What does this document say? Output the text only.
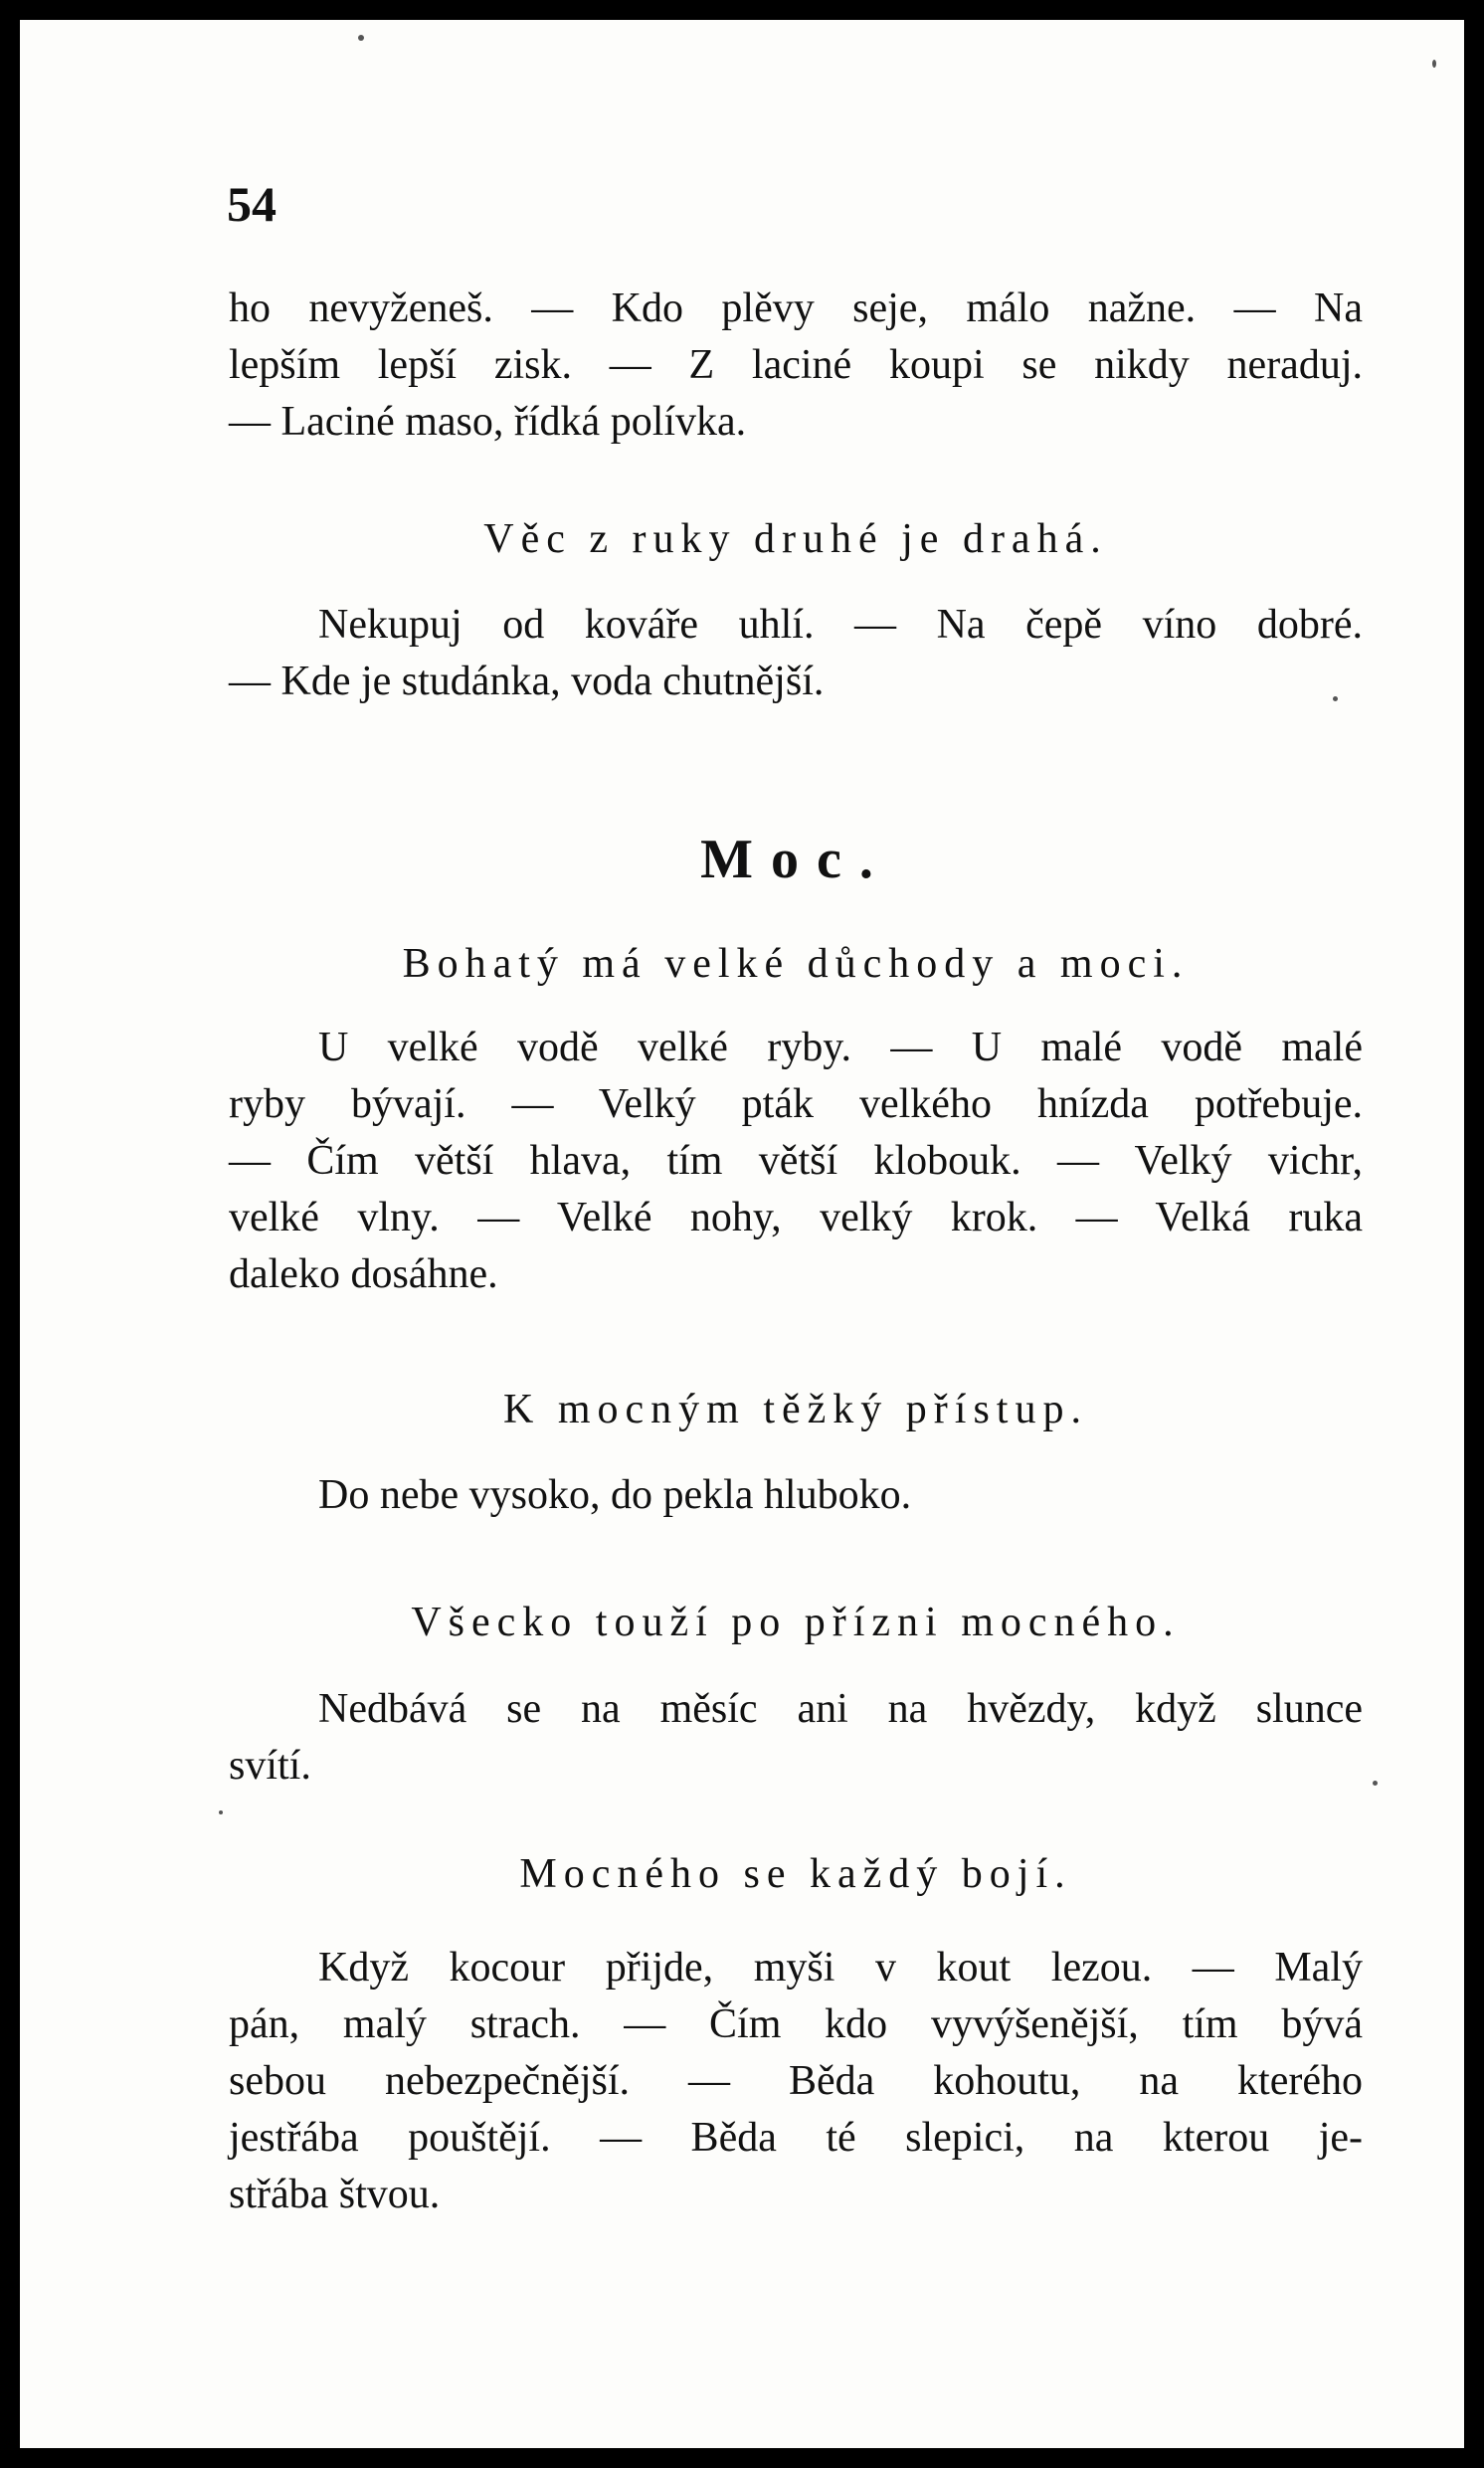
54
ho nevyženeš. — Kdo plěvy seje, málo nažne. — Na
lepším lepší zisk. — Z laciné koupi se nikdy neraduj.
— Laciné maso, řídká polívka.
Věc z ruky druhé je drahá.
Nekupuj od kováře uhlí. — Na čepě víno dobré.
— Kde je studánka, voda chutnější.
Moc.
Bohatý má velké důchody a moci.
U velké vodě velké ryby. — U malé vodě malé
ryby bývají. — Velký pták velkého hnízda potřebuje.
— Čím větší hlava, tím větší klobouk. — Velký vichr,
velké vlny. — Velké nohy, velký krok. — Velká ruka
daleko dosáhne.
K mocným těžký přístup.
Do nebe vysoko, do pekla hluboko.
Všecko touží po přízni mocného.
Nedbává se na měsíc ani na hvězdy, když slunce
svítí.
Mocného se každý bojí.
Když kocour přijde, myši v kout lezou. — Malý
pán, malý strach. — Čím kdo vyvýšenější, tím bývá
sebou nebezpečnější. — Běda kohoutu, na kterého
jestřába pouštějí. — Běda té slepici, na kterou je-
střába štvou.
